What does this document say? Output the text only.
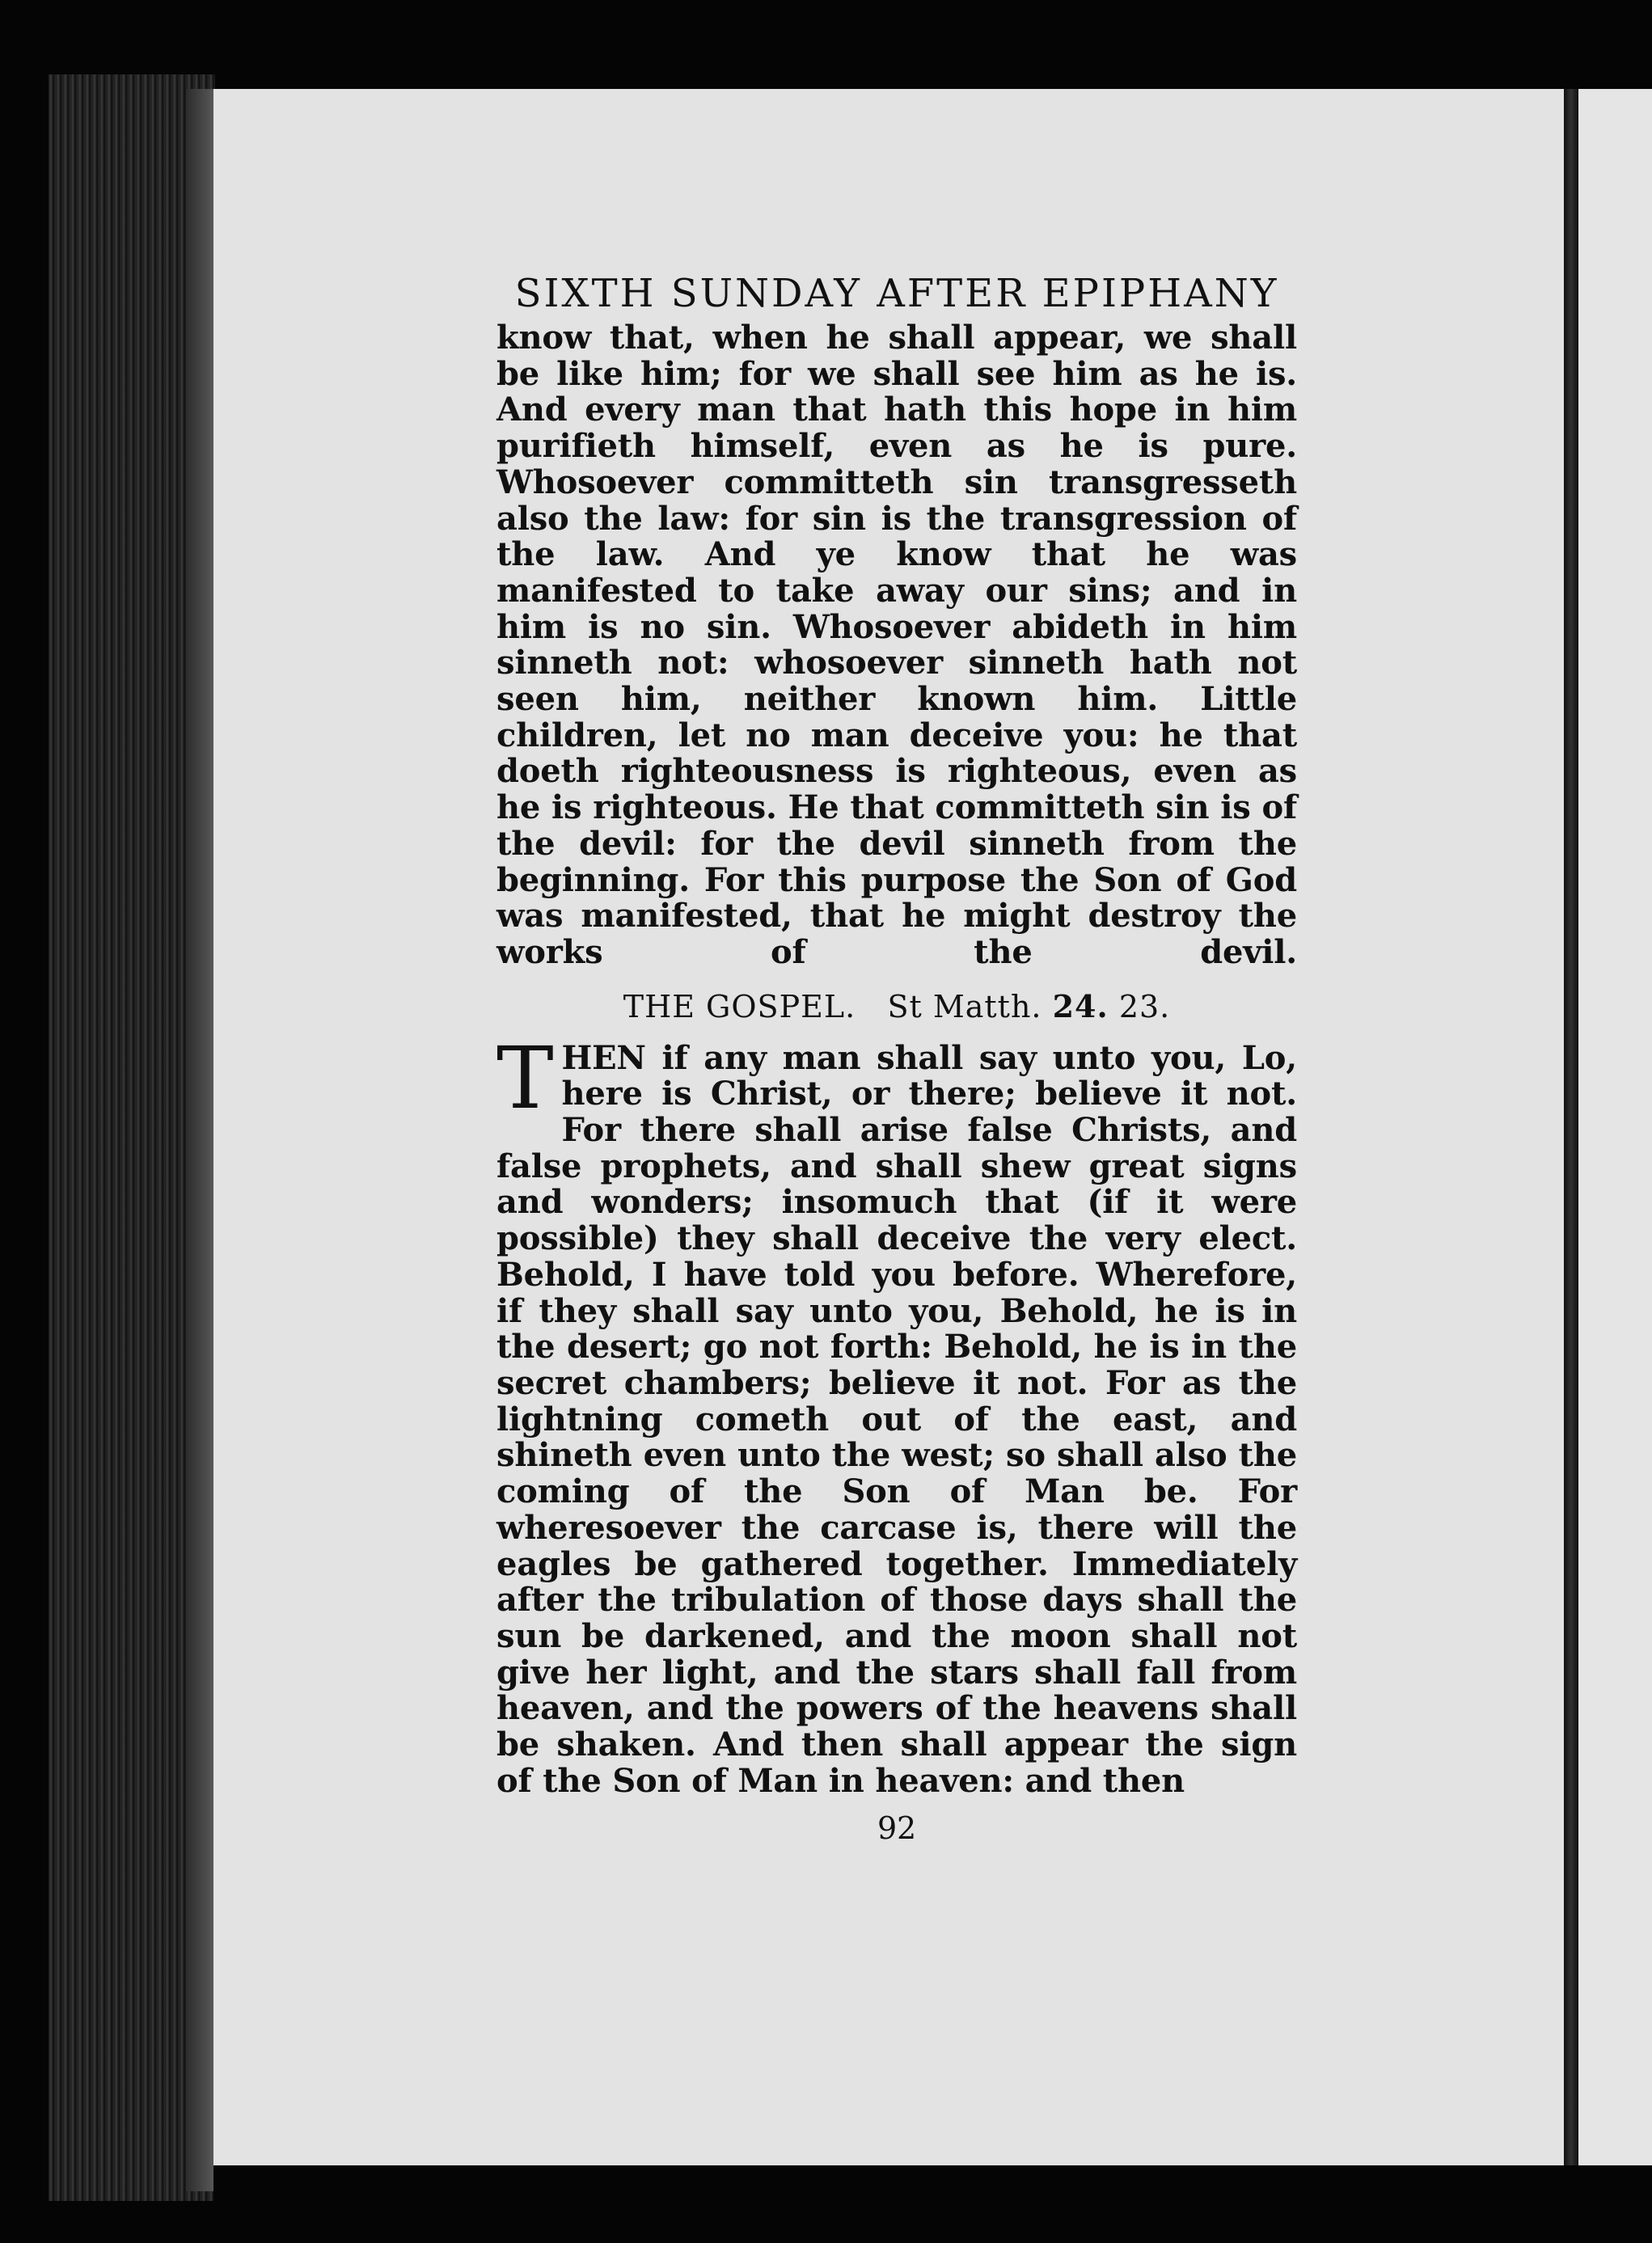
SIXTH SUNDAY AFTER EPIPHANY

know that, when he shall appear, we shall be like him; for we shall see him as he is. And every man that hath this hope in him purifieth himself, even as he is pure. Whosoever committeth sin transgresseth also the law: for sin is the transgression of the law. And ye know that he was manifested to take away our sins; and in him is no sin. Whosoever abideth in him sinneth not: whosoever sinneth hath not seen him, neither known him. Little children, let no man deceive you: he that doeth righteousness is righteous, even as he is righteous. He that committeth sin is of the devil: for the devil sinneth from the beginning. For this purpose the Son of God was manifested, that he might destroy the works of the devil.

THE GOSPEL. St Matth. 24. 23.

THEN if any man shall say unto you, Lo, here is Christ, or there; believe it not. For there shall arise false Christs, and false prophets, and shall shew great signs and wonders; insomuch that (if it were possible) they shall deceive the very elect. Behold, I have told you before. Wherefore, if they shall say unto you, Behold, he is in the desert; go not forth: Behold, he is in the secret chambers; believe it not. For as the lightning cometh out of the east, and shineth even unto the west; so shall also the coming of the Son of Man be. For wheresoever the carcase is, there will the eagles be gathered together. Immediately after the tribulation of those days shall the sun be darkened, and the moon shall not give her light, and the stars shall fall from heaven, and the powers of the heavens shall be shaken. And then shall appear the sign of the Son of Man in heaven: and then

92
